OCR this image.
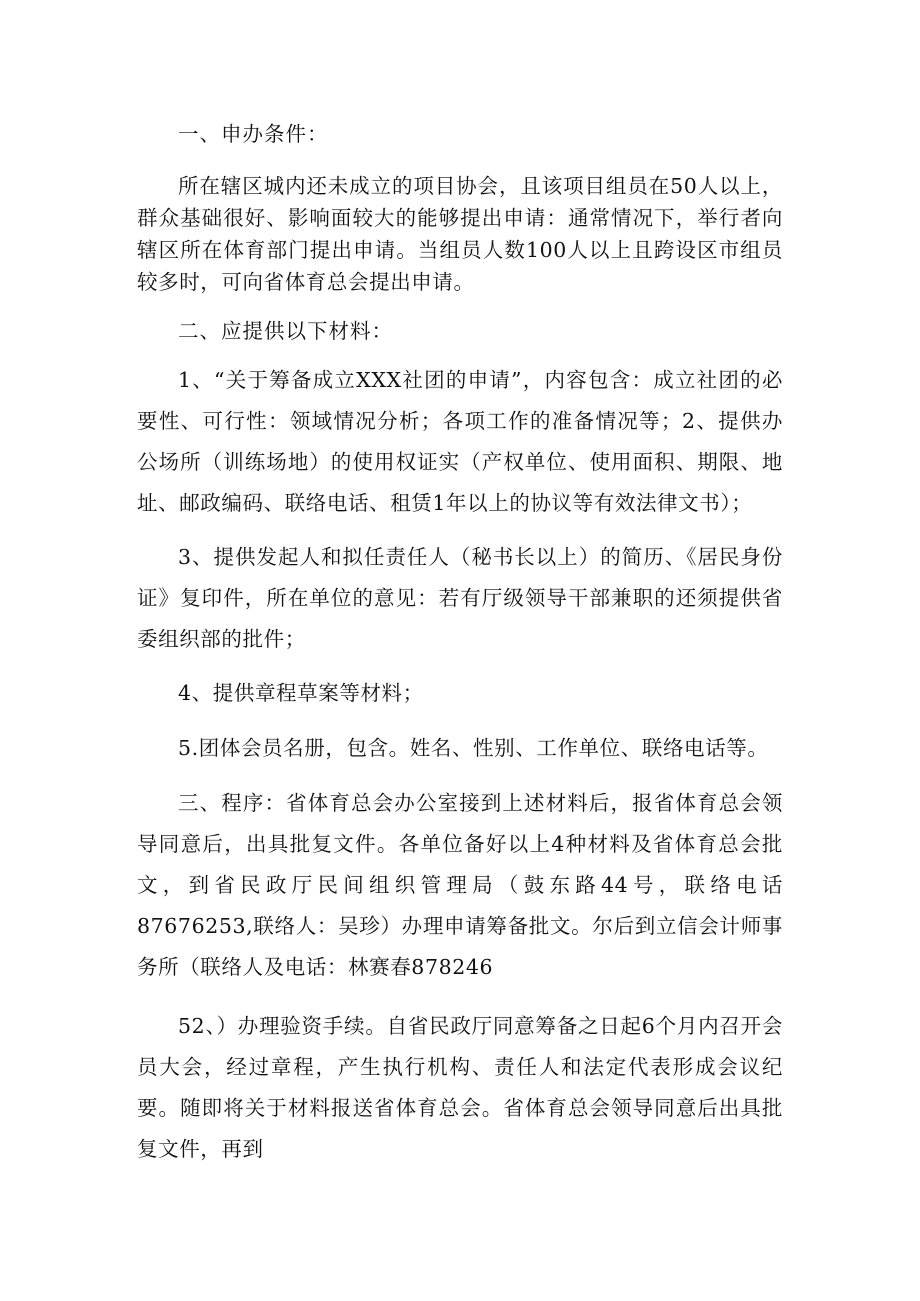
一、申办条件：

所在辖区城内还未成立的项目协会，且该项目组员在50人以上，群众基础很好、影响面较大的能够提出申请：通常情况下，举行者向辖区所在体育部门提出申请。当组员人数100人以上且跨设区市组员较多时，可向省体育总会提出申请。

二、应提供以下材料：

1、“关于筹备成立XXX社团的申请”，内容包含：成立社团的必要性、可行性：领域情况分析；各项工作的准备情况等；2、提供办公场所（训练场地）的使用权证实（产权单位、使用面积、期限、地址、邮政编码、联络电话、租赁1年以上的协议等有效法律文书）；

3、提供发起人和拟任责任人（秘书长以上）的简历、《居民身份证》复印件，所在单位的意见：若有厅级领导干部兼职的还须提供省委组织部的批件；

4、提供章程草案等材料；

5.团体会员名册，包含。姓名、性别、工作单位、联络电话等。

三、程序：省体育总会办公室接到上述材料后，报省体育总会领导同意后，出具批复文件。各单位备好以上4种材料及省体育总会批文，到省民政厅民间组织管理局（鼓东路44号，联络电话87676253,联络人：吴珍）办理申请筹备批文。尔后到立信会计师事务所（联络人及电话：林赛春878246

52、）办理验资手续。自省民政厅同意筹备之日起6个月内召开会员大会，经过章程，产生执行机构、责任人和法定代表形成会议纪要。随即将关于材料报送省体育总会。省体育总会领导同意后出具批复文件，再到
